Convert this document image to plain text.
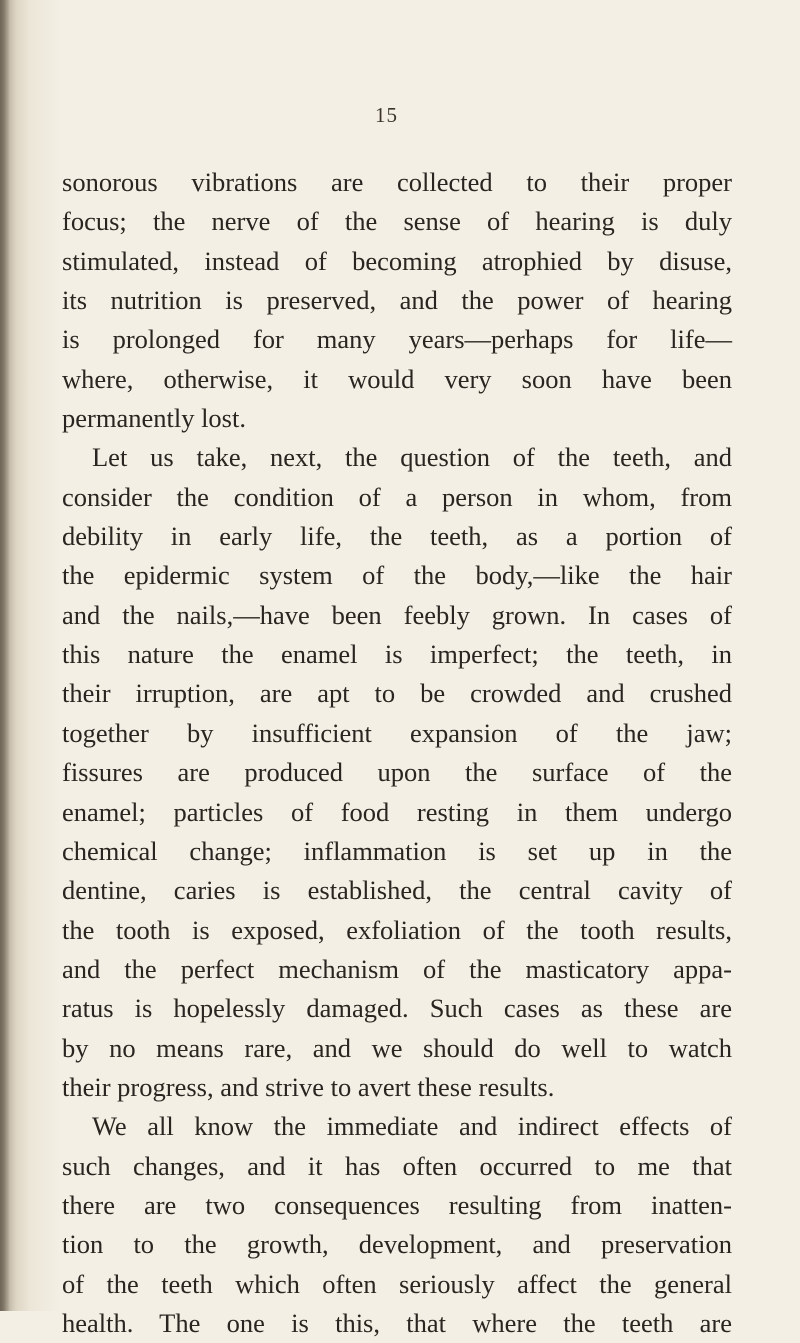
15
sonorous vibrations are collected to their proper
focus; the nerve of the sense of hearing is duly
stimulated, instead of becoming atrophied by disuse,
its nutrition is preserved, and the power of hearing
is prolonged for many years—perhaps for life—
where, otherwise, it would very soon have been
permanently lost.
Let us take, next, the question of the teeth, and
consider the condition of a person in whom, from
debility in early life, the teeth, as a portion of
the epidermic system of the body,—like the hair
and the nails,—have been feebly grown. In cases of
this nature the enamel is imperfect; the teeth, in
their irruption, are apt to be crowded and crushed
together by insufficient expansion of the jaw;
fissures are produced upon the surface of the
enamel; particles of food resting in them undergo
chemical change; inflammation is set up in the
dentine, caries is established, the central cavity of
the tooth is exposed, exfoliation of the tooth results,
and the perfect mechanism of the masticatory appa-
ratus is hopelessly damaged. Such cases as these are
by no means rare, and we should do well to watch
their progress, and strive to avert these results.
We all know the immediate and indirect effects of
such changes, and it has often occurred to me that
there are two consequences resulting from inatten-
tion to the growth, development, and preservation
of the teeth which often seriously affect the general
health. The one is this, that where the teeth are
